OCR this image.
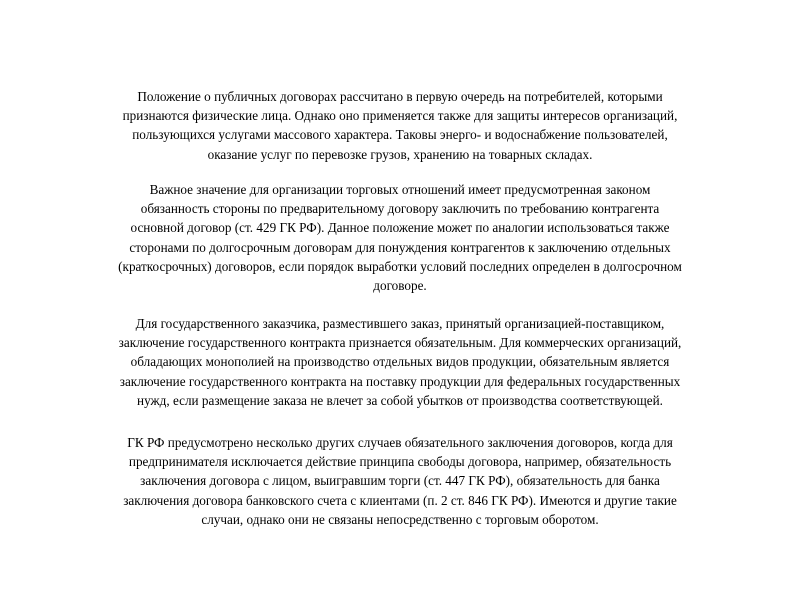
Положение о публичных договорах рассчитано в первую очередь на потребителей, которыми
признаются физические лица. Однако оно применяется также для защиты интересов организаций,
пользующихся услугами массового характера. Таковы энерго- и водоснабжение пользователей,
оказание услуг по перевозке грузов, хранению на товарных складах.

Важное значение для организации торговых отношений имеет предусмотренная законом
обязанность стороны по предварительному договору заключить по требованию контрагента
основной договор (ст. 429 ГК РФ). Данное положение может по аналогии использоваться также
сторонами по долгосрочным договорам для понуждения контрагентов к заключению отдельных
(краткосрочных) договоров, если порядок выработки условий последних определен в долгосрочном
договоре.

Для государственного заказчика, разместившего заказ, принятый организацией-поставщиком,
заключение государственного контракта признается обязательным. Для коммерческих организаций,
обладающих монополией на производство отдельных видов продукции, обязательным является
заключение государственного контракта на поставку продукции для федеральных государственных
нужд, если размещение заказа не влечет за собой убытков от производства соответствующей.

ГК РФ предусмотрено несколько других случаев обязательного заключения договоров, когда для
предпринимателя исключается действие принципа свободы договора, например, обязательность
заключения договора с лицом, выигравшим торги (ст. 447 ГК РФ), обязательность для банка
заключения договора банковского счета с клиентами (п. 2 ст. 846 ГК РФ). Имеются и другие такие
случаи, однако они не связаны непосредственно с торговым оборотом.
